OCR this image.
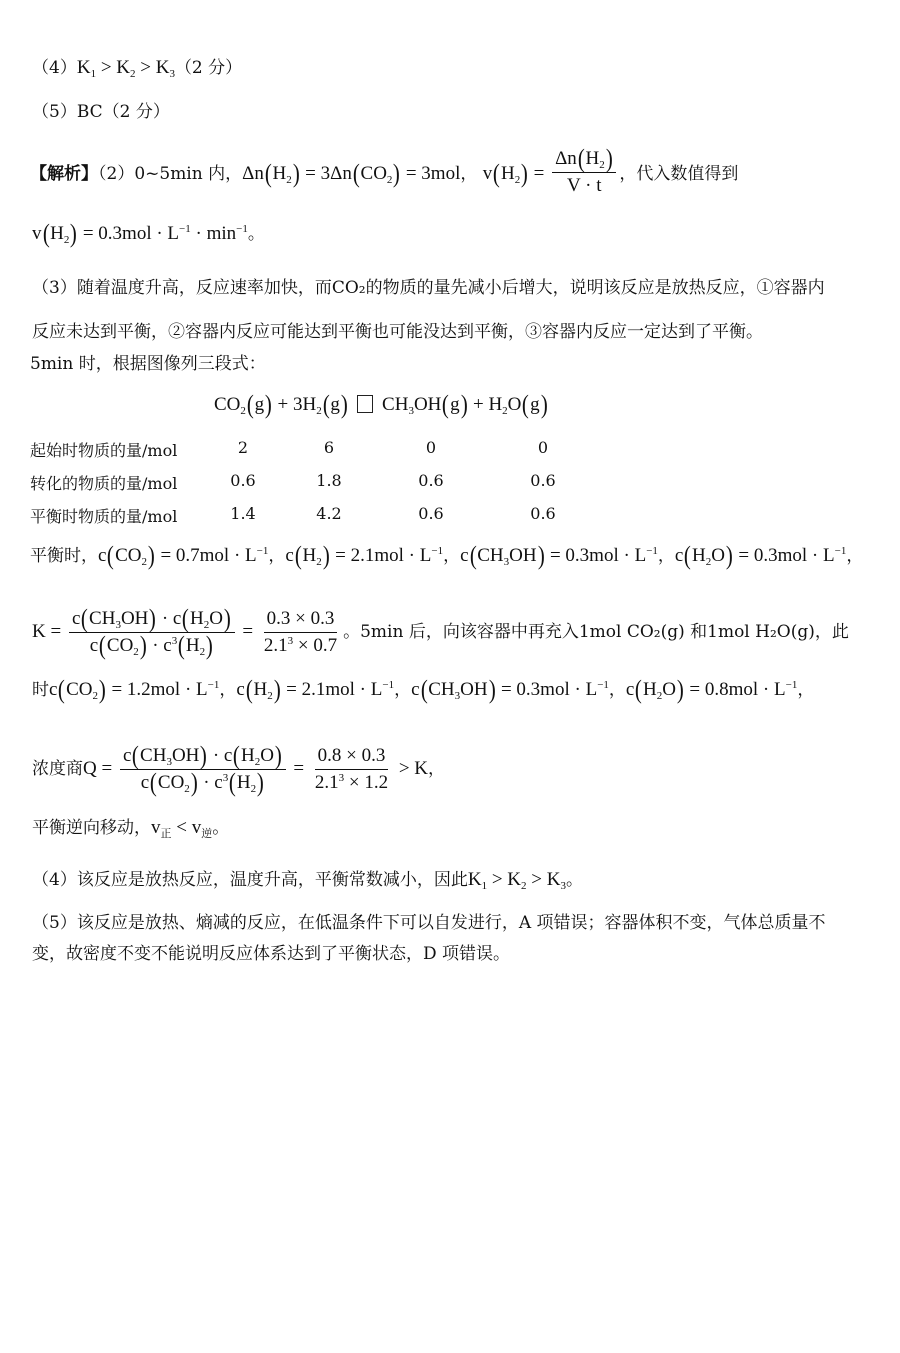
$(4)K_1 > K_2 > K_3(2$ 分）
（5）BC（2 分）
【解析】（2）0~5min 内，$\Delta n(H_2) = 3\Delta n(CO_2) = 3mol$， $v(H_2) = \frac{\Delta n(H_2)}{V \cdot t}$ ，代入数值得到
$v(H_2) = 0.3mol \cdot L^{-1} \cdot \min^{-1}$。
（3）随着温度升高，反应速率加快，而CO₂的物质的量先减小后增大，说明该反应是放热反应，①容器内
反应未达到平衡，②容器内反应可能达到平衡也可能没达到平衡，③容器内反应一定达到了平衡。
5min 时，根据图像列三段式：
$CO_2(g) + 3H_2(g) CH_3OH(g) + H_2O(g)$
起始时物质的量/mol	2	6	0	0
转化的物质的量/mol	0.6	1.8	0.6	0.6
平衡时物质的量/mol	1.4	4.2	0.6	0.6
平衡时，$c(CO_2) = 0.7mol \cdot L^{-1}$，$c(H_2) = 2.1mol \cdot L^{-1}$，$c(CH_3OH) = 0.3mol \cdot L^{-1}$，$c(H_2O) = 0.3mol \cdot L^{-1}$，
$K = \frac{c(CH_3OH) \cdot c(H_2O)}{c(CO_2) \cdot c^3(H_2)} = \frac{0.3 \times 0.3}{2.1^3 \times 0.7}$ 。5min 后，向该容器中再充入1mol CO₂(g) 和1mol H₂O(g)，此
时$c(CO_2) = 1.2mol \cdot L^{-1}$，$c(H_2) = 2.1mol \cdot L^{-1}$，$c(CH_3OH) = 0.3mol \cdot L^{-1}$，$c(H_2O) = 0.8mol \cdot L^{-1}$，
浓度商$Q = \frac{c(CH_3OH) \cdot c(H_2O)}{c(CO_2) \cdot c^3(H_2)} = \frac{0.8 \times 0.3}{2.1^3 \times 1.2} > K$，
平衡逆向移动，$v_正 < v_逆$。
（4）该反应是放热反应，温度升高，平衡常数减小，因此$K_1 > K_2 > K_3$。
（5）该反应是放热、熵减的反应，在低温条件下可以自发进行，A 项错误；容器体积不变，气体总质量不
变，故密度不变不能说明反应体系达到了平衡状态，D 项错误。
